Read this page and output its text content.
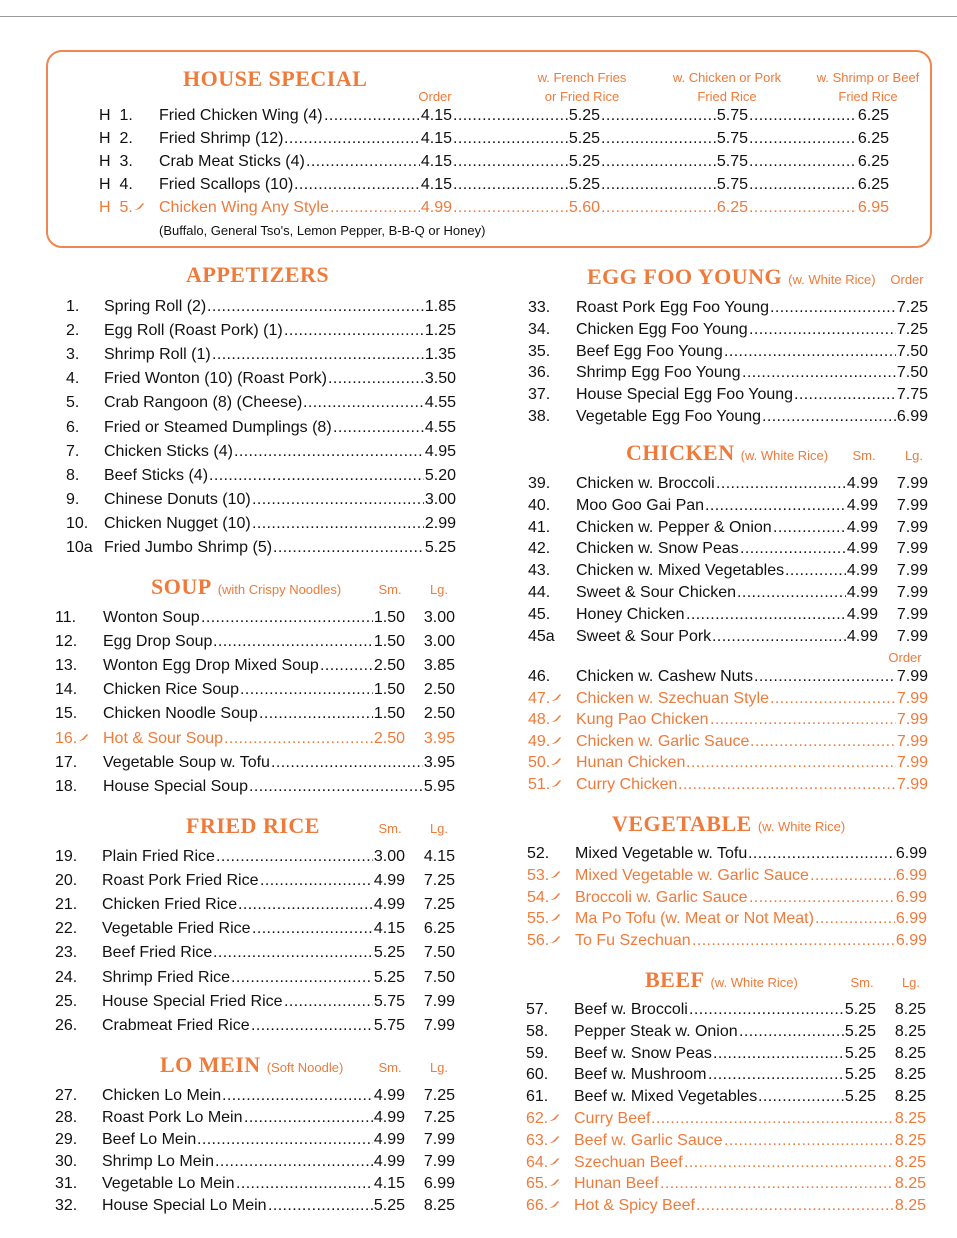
HOUSE SPECIAL
Order
w. French Fries
or Fried Rice
w. Chicken or Pork
Fried Rice
w. Shrimp or Beef
Fried Rice
H  1. Fried Chicken Wing (4) .....	4.15 .....	5.25 .....	5.75 .....	6.25
H  2. Fried Shrimp (12) .....	4.15 .....	5.25 .....	5.75 .....	6.25
H  3. Crab Meat Sticks (4) .....	4.15 .....	5.25 .....	5.75 .....	6.25
H  4. Fried Scallops (10) .....	4.15 .....	5.25 .....	5.75 .....	6.25
H  5. Chicken Wing Any Style .....	4.99 .....	5.60 .....	6.25 .....	6.95
(Buffalo, General Tso's, Lemon Pepper, B-B-Q or Honey)
APPETIZERS
1. Spring Roll (2) .....	1.85
2. Egg Roll (Roast Pork) (1) .....	1.25
3. Shrimp Roll (1) .....	1.35
4. Fried Wonton (10) (Roast Pork) .....	3.50
5. Crab Rangoon (8) (Cheese) .....	4.55
6. Fried or Steamed Dumplings (8) .....	4.55
7. Chicken Sticks (4) .....	4.95
8. Beef Sticks (4) .....	5.20
9. Chinese Donuts (10) .....	3.00
10. Chicken Nugget (10) .....	2.99
10a Fried Jumbo Shrimp (5) .....	5.25
SOUP (with Crispy Noodles)	Sm.	Lg.
11. Wonton Soup .....	1.50	3.00
12. Egg Drop Soup .....	1.50	3.00
13. Wonton Egg Drop Mixed Soup .....	2.50	3.85
14. Chicken Rice Soup .....	1.50	2.50
15. Chicken Noodle Soup .....	1.50	2.50
16. Hot & Sour Soup .....	2.50	3.95
17. Vegetable Soup w. Tofu .....	3.95
18. House Special Soup .....	5.95
FRIED RICE	Sm.	Lg.
19. Plain Fried Rice .....	3.00	4.15
20. Roast Pork Fried Rice .....	4.99	7.25
21. Chicken Fried Rice .....	4.99	7.25
22. Vegetable Fried Rice .....	4.15	6.25
23. Beef Fried Rice .....	5.25	7.50
24. Shrimp Fried Rice .....	5.25	7.50
25. House Special Fried Rice .....	5.75	7.99
26. Crabmeat Fried Rice .....	5.75	7.99
LO MEIN (Soft Noodle)	Sm.	Lg.
27. Chicken Lo Mein .....	4.99	7.25
28. Roast Pork Lo Mein .....	4.99	7.25
29. Beef Lo Mein .....	4.99	7.99
30. Shrimp Lo Mein .....	4.99	7.99
31. Vegetable Lo Mein .....	4.15	6.99
32. House Special Lo Mein .....	5.25	8.25
EGG FOO YOUNG (w. White Rice)	Order
33. Roast Pork Egg Foo Young .....	7.25
34. Chicken Egg Foo Young .....	7.25
35. Beef Egg Foo Young .....	7.50
36. Shrimp Egg Foo Young .....	7.50
37. House Special Egg Foo Young .....	7.75
38. Vegetable Egg Foo Young .....	6.99
CHICKEN (w. White Rice)	Sm.	Lg.
Order
39. Chicken w. Broccoli .....	4.99	7.99
40. Moo Goo Gai Pan .....	4.99	7.99
41. Chicken w. Pepper & Onion .....	4.99	7.99
42. Chicken w. Snow Peas .....	4.99	7.99
43. Chicken w. Mixed Vegetables .....	4.99	7.99
44. Sweet & Sour Chicken .....	4.99	7.99
45. Honey Chicken .....	4.99	7.99
45a Sweet & Sour Pork .....	4.99	7.99
46. Chicken w. Cashew Nuts .....	7.99
47. Chicken w. Szechuan Style .....	7.99
48. Kung Pao Chicken .....	7.99
49. Chicken w. Garlic Sauce .....	7.99
50. Hunan Chicken .....	7.99
51. Curry Chicken .....	7.99
VEGETABLE (w. White Rice)
52. Mixed Vegetable w. Tofu .....	6.99
53. Mixed Vegetable w. Garlic Sauce .....	6.99
54. Broccoli w. Garlic Sauce .....	6.99
55. Ma Po Tofu (w. Meat or Not Meat) .....	6.99
56. To Fu Szechuan .....	6.99
BEEF (w. White Rice)	Sm.	Lg.
57. Beef w. Broccoli .....	5.25	8.25
58. Pepper Steak w. Onion .....	5.25	8.25
59. Beef w. Snow Peas .....	5.25	8.25
60. Beef w. Mushroom .....	5.25	8.25
61. Beef w. Mixed Vegetables .....	5.25	8.25
62. Curry Beef .....	8.25
63. Beef w. Garlic Sauce .....	8.25
64. Szechuan Beef .....	8.25
65. Hunan Beef .....	8.25
66. Hot & Spicy Beef .....	8.25
